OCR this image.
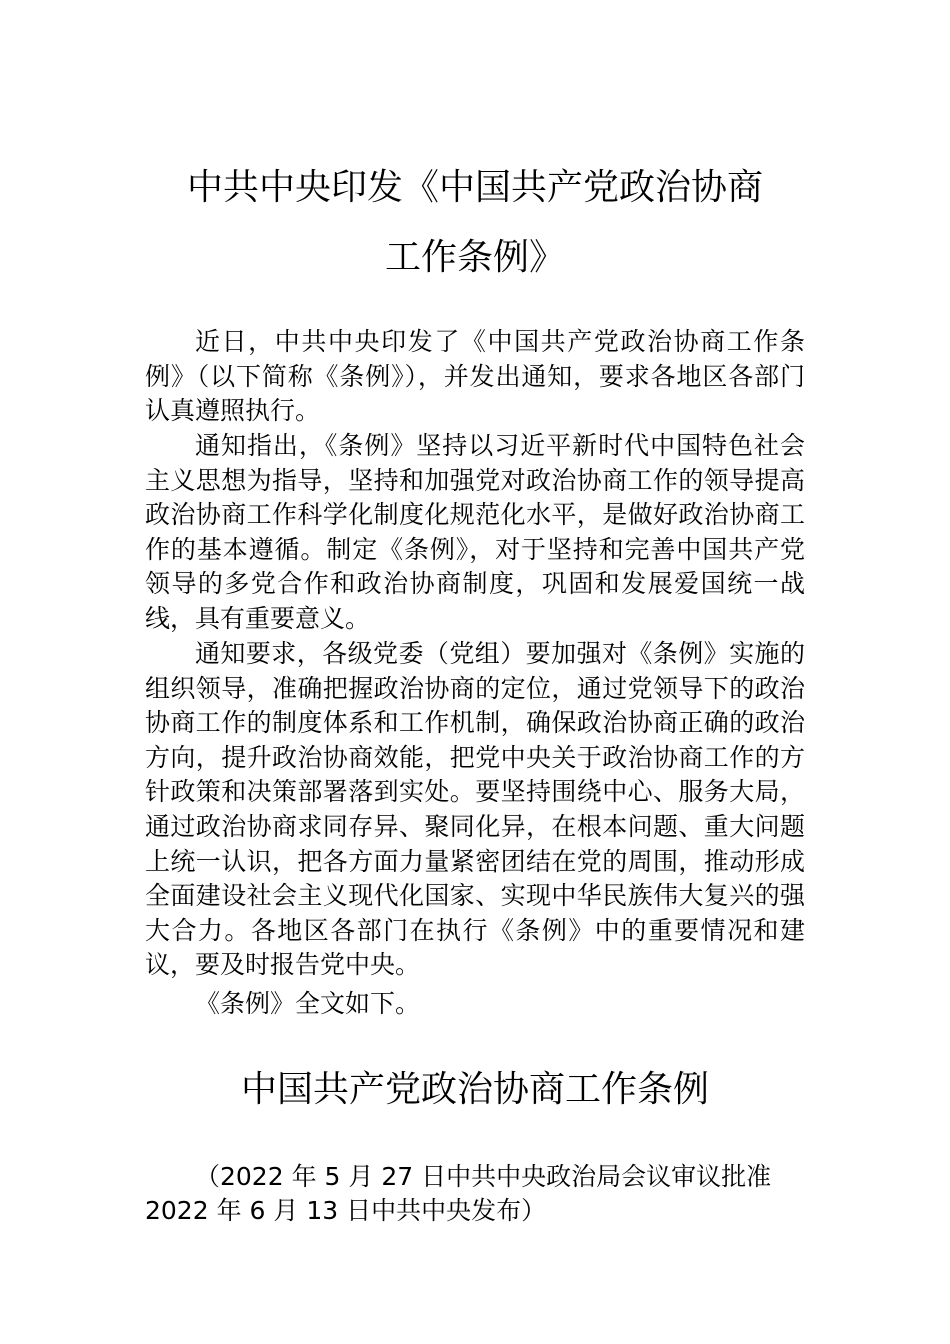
中共中央印发《中国共产党政治协商
工作条例》

近日，中共中央印发了《中国共产党政治协商工作条例》（以下简称《条例》），并发出通知，要求各地区各部门认真遵照执行。

通知指出，《条例》坚持以习近平新时代中国特色社会主义思想为指导，坚持和加强党对政治协商工作的领导提高政治协商工作科学化制度化规范化水平，是做好政治协商工作的基本遵循。制定《条例》，对于坚持和完善中国共产党领导的多党合作和政治协商制度，巩固和发展爱国统一战线，具有重要意义。

通知要求，各级党委（党组）要加强对《条例》实施的组织领导，准确把握政治协商的定位，通过党领导下的政治协商工作的制度体系和工作机制，确保政治协商正确的政治方向，提升政治协商效能，把党中央关于政治协商工作的方针政策和决策部署落到实处。要坚持围绕中心、服务大局，通过政治协商求同存异、聚同化异，在根本问题、重大问题上统一认识，把各方面力量紧密团结在党的周围，推动形成全面建设社会主义现代化国家、实现中华民族伟大复兴的强大合力。各地区各部门在执行《条例》中的重要情况和建议，要及时报告党中央。

《条例》全文如下。

中国共产党政治协商工作条例

（2022 年 5 月 27 日中共中央政治局会议审议批准
2022 年 6 月 13 日中共中央发布）
